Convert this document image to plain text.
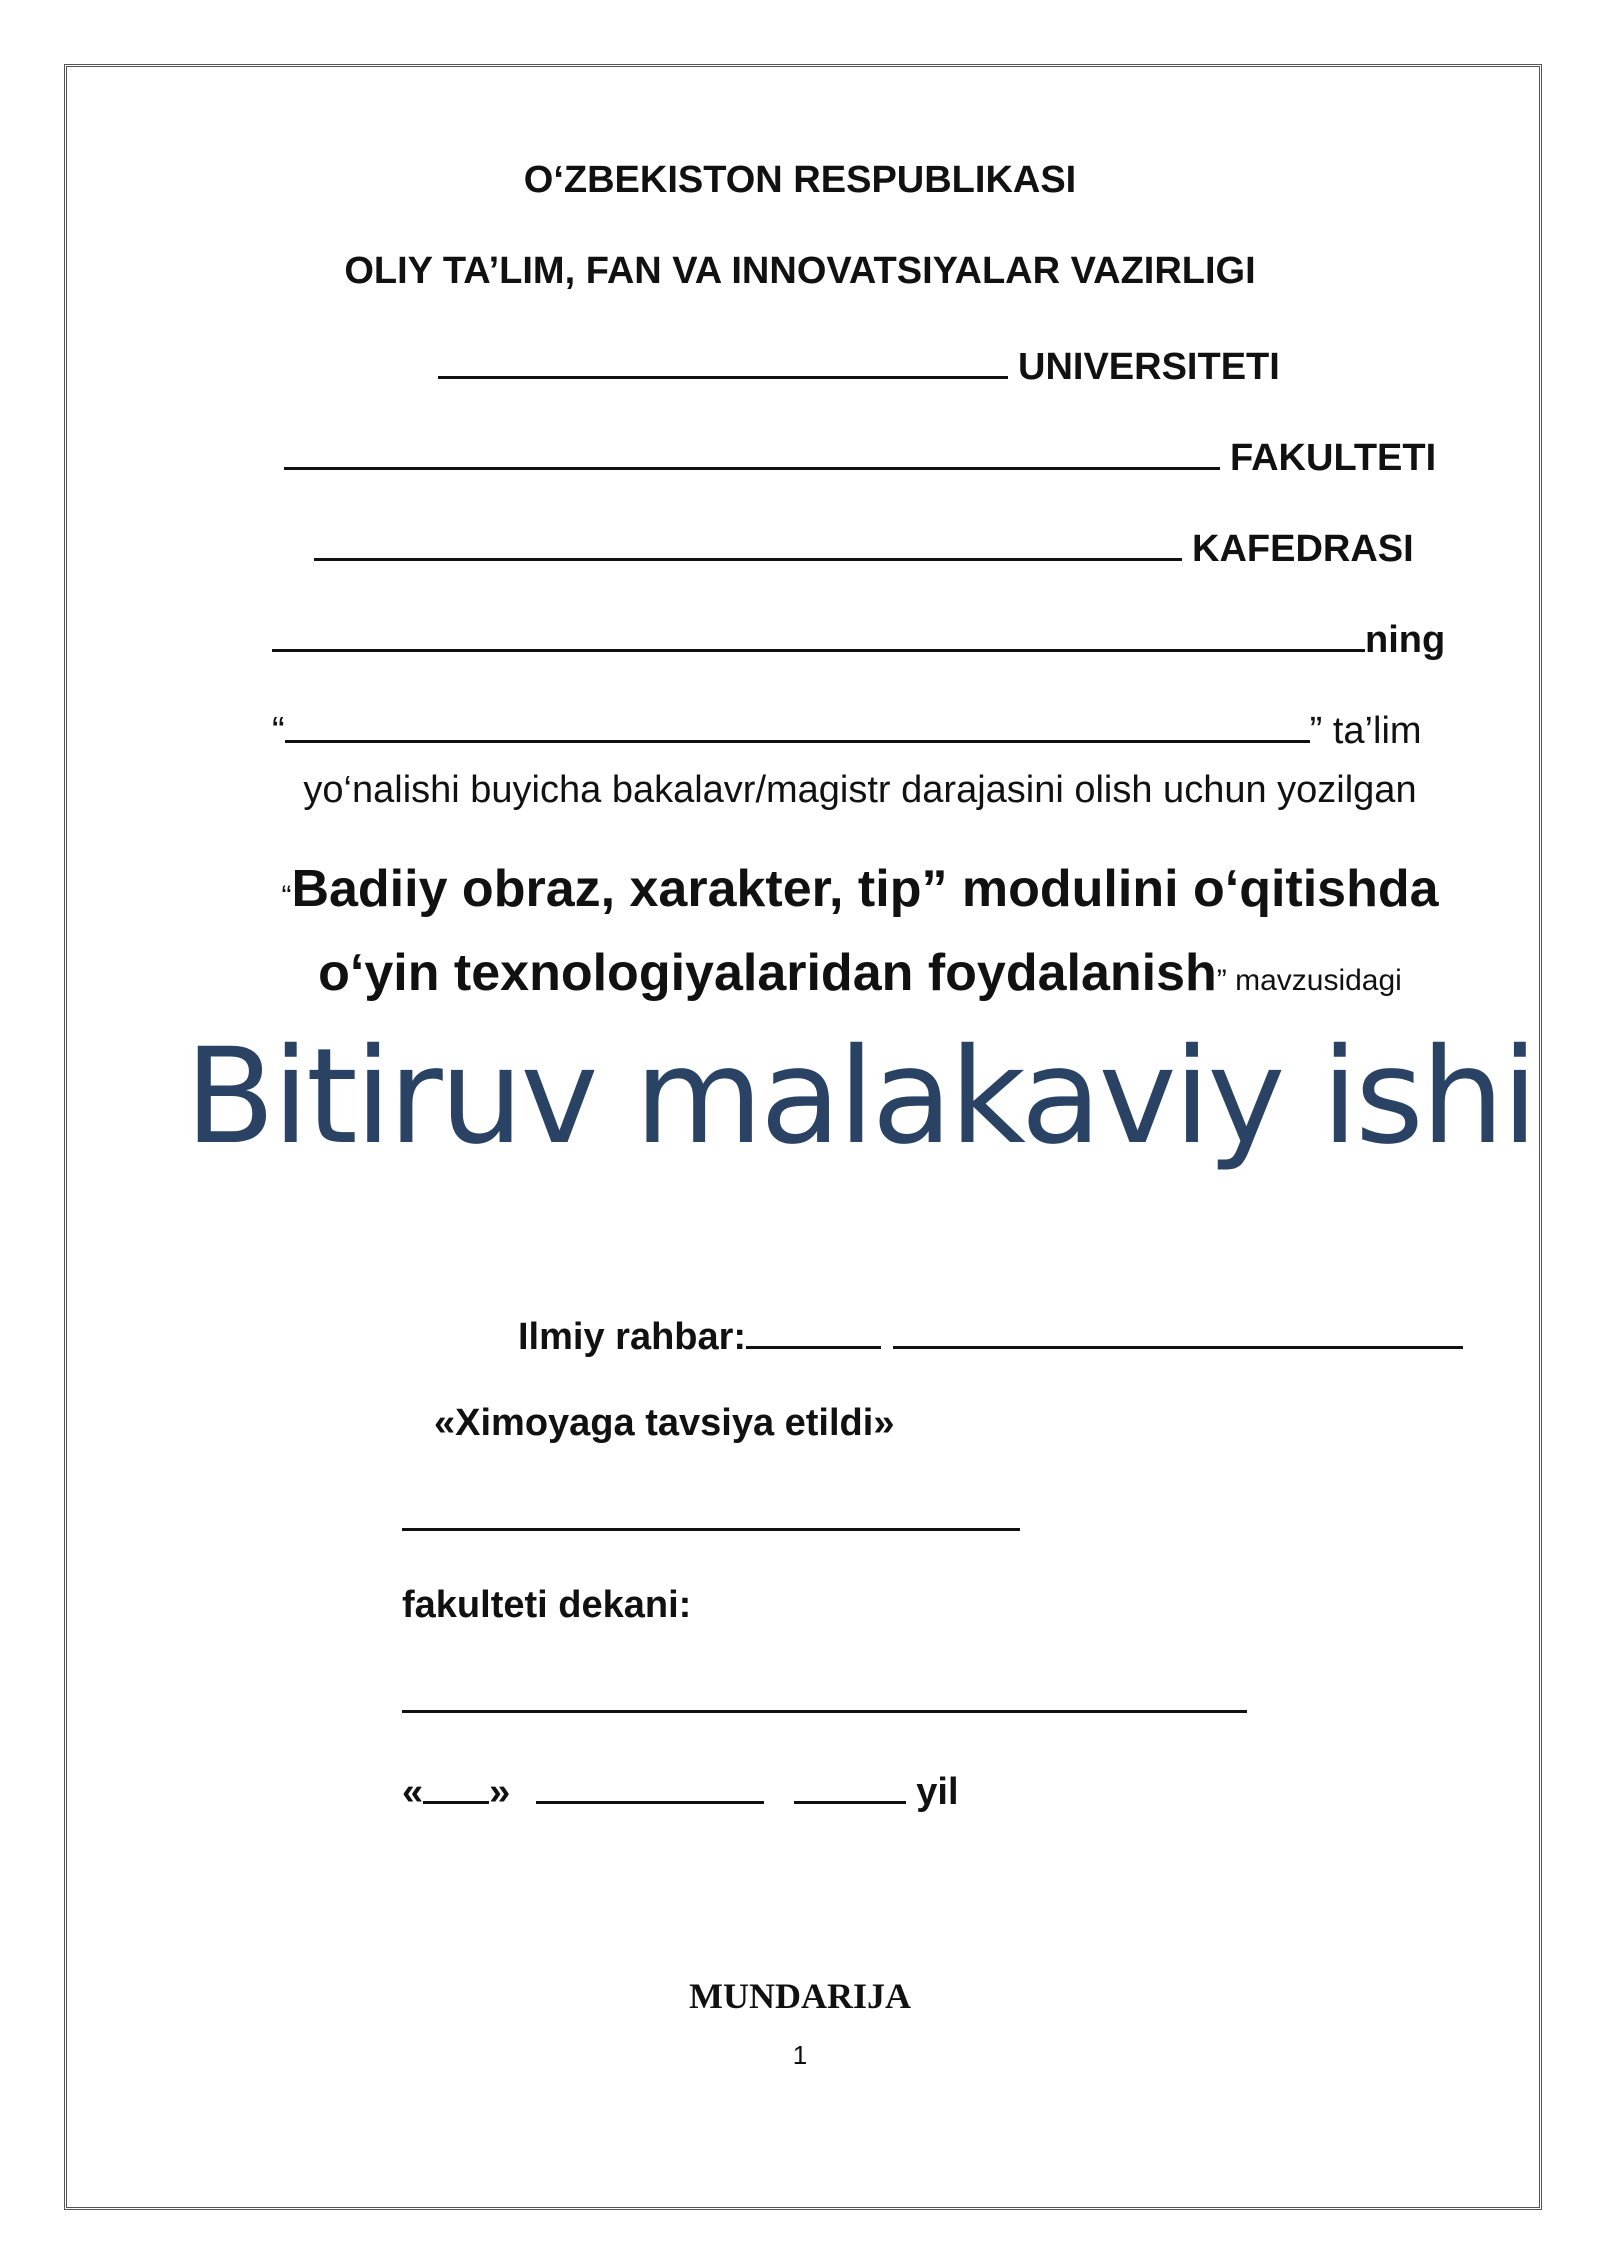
O‘ZBEKISTON RESPUBLIKASI
OLIY TA’LIM, FAN VA INNOVATSIYALAR VAZIRLIGI
UNIVERSITETI
FAKULTETI
KAFEDRASI
ning
“	” ta’lim
yo‘nalishi buyicha bakalavr/magistr darajasini olish uchun yozilgan
“Badiiy obraz, xarakter, tip” modulini o‘qitishda
o‘yin texnologiyalaridan foydalanish” mavzusidagi
Bitiruv malakaviy ishi
Ilmiy rahbar:
«Ximoyaga tavsiya etildi»
fakulteti dekani:
« »	yil
MUNDARIJA
1
